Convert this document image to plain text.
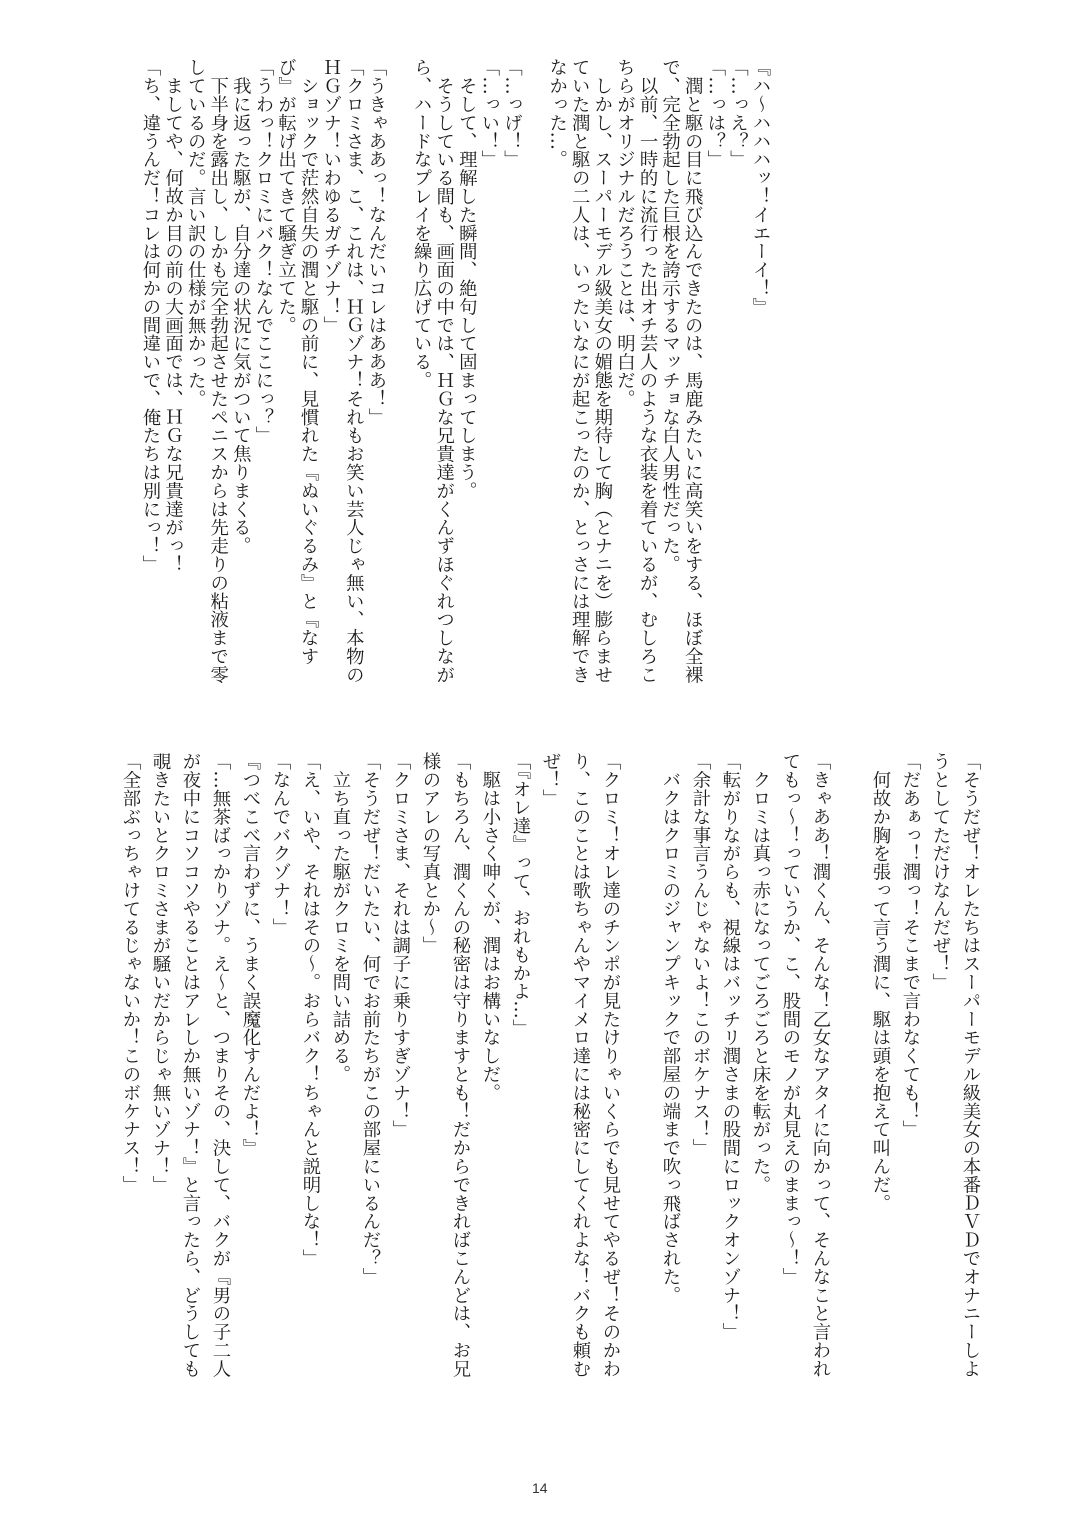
『ハ～ハハハッ！イエーイ！』
「…っえ？」
「…っは？」
　潤と駆の目に飛び込んできたのは、馬鹿みたいに高笑いをする、ほぼ全裸
で、完全勃起した巨根を誇示するマッチョな白人男性だった。
　以前、一時的に流行った出オチ芸人のような衣装を着ているが、むしろこ
ちらがオリジナルだろうことは、明白だ。
　しかし、スーパーモデル級美女の媚態を期待して胸（とナニを）膨らませ
ていた潤と駆の二人は、いったいなにが起こったのか、とっさには理解でき
なかった…。
「…っげ！」
「…っい！」
　そして、理解した瞬間、絶句して固まってしまう。
　そうしている間も、画面の中では、ＨＧな兄貴達がくんずほぐれつしなが
ら、ハードなプレイを繰り広げている。
「うきゃああっ！なんだいコレはあああ！」
「クロミさま、こ、これは、ＨＧゾナ！それもお笑い芸人じゃ無い、本物の
ＨＧゾナ！いわゆるガチゾナ！」
　ショックで茫然自失の潤と駆の前に、見慣れた『ぬいぐるみ』と『なす
び』が転げ出てきて騒ぎ立てた。
「うわっ！クロミにバク！なんでここにっ？」
　我に返った駆が、自分達の状況に気がついて焦りまくる。
　下半身を露出し、しかも完全勃起させたペニスからは先走りの粘液まで零
しているのだ。言い訳の仕様が無かった。
　ましてや、何故か目の前の大画面では、ＨＧな兄貴達がっ！
「ち、違うんだ！コレは何かの間違いで、俺たちは別にっ！」
「そうだぜ！オレたちはスーパーモデル級美女の本番ＤＶＤでオナニーしよ
うとしてただけなんだぜ！」
「だあぁっ！潤っ！そこまで言わなくても！」
　何故か胸を張って言う潤に、駆は頭を抱えて叫んだ。
「きゃああ！潤くん、そんな！乙女なアタイに向かって、そんなこと言われ
てもっ～！っていうか、こ、股間のモノが丸見えのままっ～！」
　クロミは真っ赤になってごろごろと床を転がった。
「転がりながらも、視線はバッチリ潤さまの股間にロックオンゾナ！」
「余計な事言うんじゃないよ！このボケナス！」
　バクはクロミのジャンプキックで部屋の端まで吹っ飛ばされた。
「クロミ！オレ達のチンポが見たけりゃいくらでも見せてやるぜ！そのかわ
り、このことは歌ちゃんやマイメロ達には秘密にしてくれよな！バクも頼む
ぜ！」
「『オレ達』って、おれもかよ…」
　駆は小さく呻くが、潤はお構いなしだ。
「もちろん、潤くんの秘密は守りますとも！だからできればこんどは、お兄
様のアレの写真とか～」
「クロミさま、それは調子に乗りすぎゾナ！」
「そうだぜ！だいたい、何でお前たちがこの部屋にいるんだ？」
　立ち直った駆がクロミを問い詰める。
「え、いや、それはその～。おらバク！ちゃんと説明しな！」
「なんでバクゾナ！」
『つべこべ言わずに、うまく誤魔化すんだよ！』
「…無茶ばっかりゾナ。え～と、つまりその、決して、バクが『男の子二人
が夜中にコソコソやることはアレしか無いゾナ！』と言ったら、どうしても
覗きたいとクロミさまが騒いだからじゃ無いゾナ！」
「全部ぶっちゃけてるじゃないか！このボケナス！」
14
